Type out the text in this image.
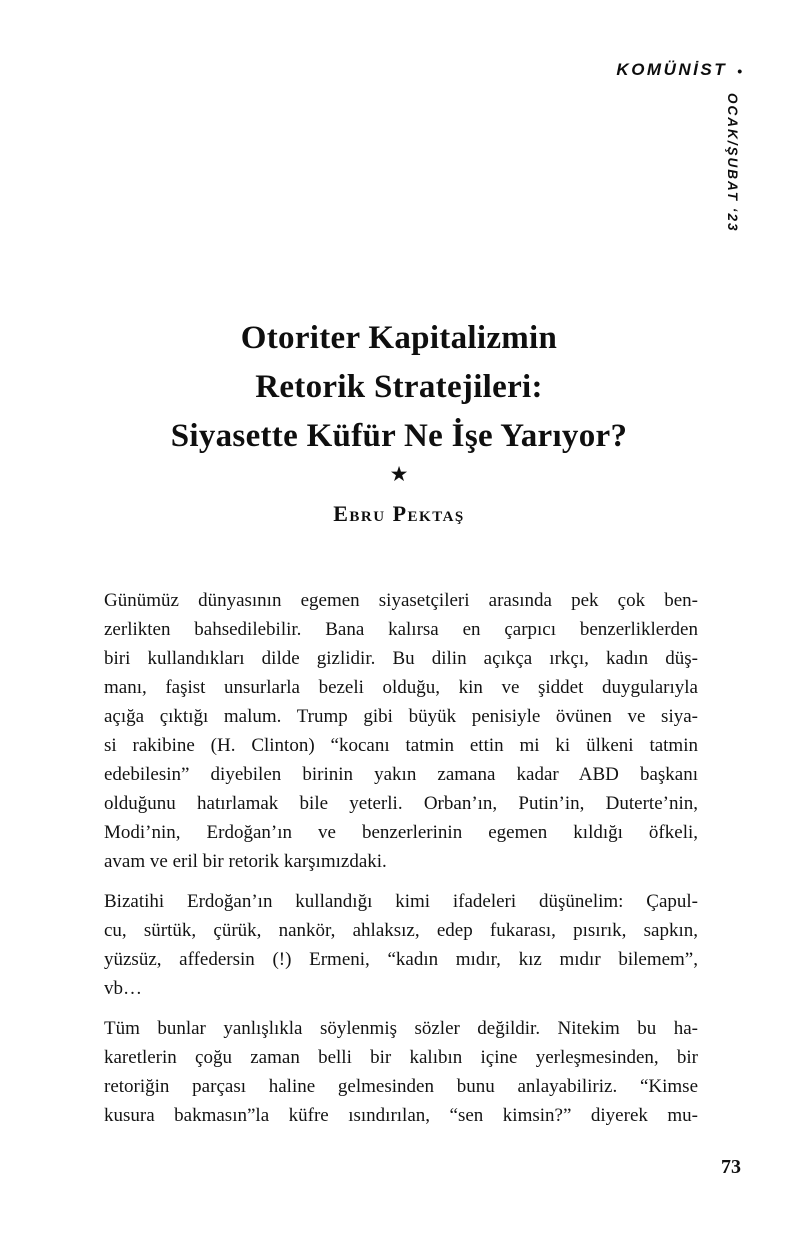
KOMÜNİST •
OCAK/ŞUBAT ‘23
Otoriter Kapitalizmin
Retorik Stratejileri:
Siyasette Küfür Ne İşe Yarıyor?
★
Ebru Pektaş
Günümüz dünyasının egemen siyasetçileri arasında pek çok ben-
zerlikten bahsedilebilir. Bana kalırsa en çarpıcı benzerliklerden
biri kullandıkları dilde gizlidir. Bu dilin açıkça ırkçı, kadın düş-
manı, faşist unsurlarla bezeli olduğu, kin ve şiddet duygularıyla
açığa çıktığı malum. Trump gibi büyük penisiyle övünen ve siya-
si rakibine (H. Clinton) “kocanı tatmin ettin mi ki ülkeni tatmin
edebilesin” diyebilen birinin yakın zamana kadar ABD başkanı
olduğunu hatırlamak bile yeterli. Orban’ın, Putin’in, Duterte’nin,
Modi’nin, Erdoğan’ın ve benzerlerinin egemen kıldığı öfkeli,
avam ve eril bir retorik karşımızdaki.
Bizatihi Erdoğan’ın kullandığı kimi ifadeleri düşünelim: Çapul-
cu, sürtük, çürük, nankör, ahlaksız, edep fukarası, pısırık, sapkın,
yüzsüz, affedersin (!) Ermeni, “kadın mıdır, kız mıdır bilemem”,
vb…
Tüm bunlar yanlışlıkla söylenmiş sözler değildir. Nitekim bu ha-
karetlerin çoğu zaman belli bir kalıbın içine yerleşmesinden, bir
retoriğin parçası haline gelmesinden bunu anlayabiliriz. “Kimse
kusura bakmasın”la küfre ısındırılan, “sen kimsin?” diyerek mu-
73
